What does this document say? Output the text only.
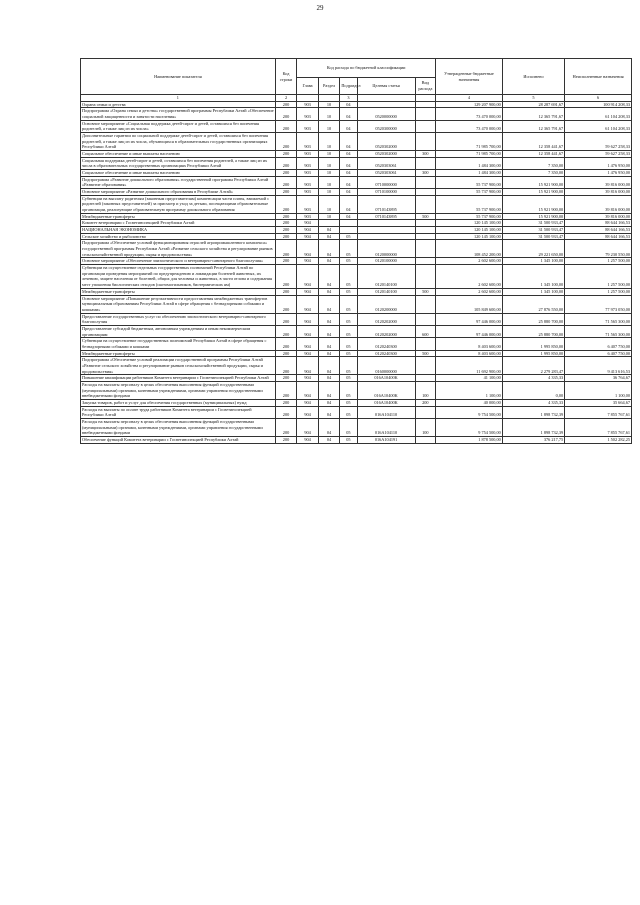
29
Наименование показателя	Код строки	Код расхода по бюджетной классификации					Утвержденные бюджетные назначения	Исполнено	Неисполненные назначения
		Глава	Раздел	Подраздел	Целевая статья	Вид расхода			
1	2			3			4	5	6
Охрана семьи и детства	200	903	10	04			129 207 900,00	28 287 691,67	100 914 208,33
Подпрограмма «Охрана семьи и детства» государственной программы Республики Алтай «Обеспечение социальной защищенности и занятости населения»	200	903	10	04	0520000000		73 470 000,00	12 365 791,67	61 104 208,33
Основное мероприятие «Социальная поддержка детей-сирот и детей, оставшихся без попечения родителей, а также лиц из их числа»	200	903	10	04	0520300000		73 470 000,00	12 365 791,67	61 104 208,33
Дополнительные гарантии по социальной поддержке детей-сирот и детей, оставшихся без попечения родителей, а также лиц из их числа, обучающихся в образовательных государственных организациях Республики Алтай	200	903	10	04	0520302000		71 985 700,00	12 358 441,67	59 627 258,33
Социальное обеспечение и иные выплаты населению	200	903	10	04	0520302000	300	71 985 700,00	12 358 441,67	59 627 258,33
Социальная поддержка детей-сирот и детей, оставшихся без попечения родителей, а также лиц из их числа в образовательных государственных организациях Республики Алтай	200	903	10	04	0520303061		1 484 300,00	7 350,00	1 476 950,00
Социальное обеспечение и иные выплаты населению	200	903	10	04	0520303061	300	1 484 300,00	7 350,00	1 476 950,00
Подпрограмма «Развитие дошкольного образования» государственной программы Республики Алтай «Развитие образования»	200	903	10	04	0710000000		55 737 900,00	15 921 900,00	39 816 000,00
Основное мероприятие «Развитие дошкольного образования в Республике Алтай»	200	903	10	04	0710100000		55 737 900,00	15 921 900,00	39 816 000,00
Субвенции на выплату родителям (законным представителям) компенсации части платы, взимаемой с родителей (законных представителей) за присмотр и уход за детьми, посещающими образовательные организации, реализующие образовательную программу дошкольного образования	200	903	10	04	0710143895		55 737 900,00	15 921 900,00	39 816 000,00
Межбюджетные трансферты	200	903	10	04	0710143895	500	55 737 900,00	15 921 900,00	39 816 000,00
Комитет ветеринарии с Госветинспекцией Республики Алтай	200	904					120 145 100,00	31 500 933,47	88 644 166,53
НАЦИОНАЛЬНАЯ ЭКОНОМИКА	200	904	04				120 145 100,00	31 500 933,47	88 644 166,53
Сельское хозяйство и рыболовство	200	904	04	05			120 145 100,00	31 500 933,47	88 644 166,53
Подпрограмма «Обеспечение условий функционирования отраслей агропромышленного комплекса» государственной программы Республики Алтай «Развитие сельского хозяйства и регулирование рынков сельскохозяйственной продукции, сырья и продовольствия»	200	904	04	05	0120000000		108 452 200,00	29 221 650,00	79 230 550,00
Основное мероприятие «Обеспечение эпизоотического и ветеринарно-санитарного благополучия»	200	904	04	05	0120100000		2 602 600,00	1 345 100,00	1 257 500,00
Субвенции на осуществление отдельных государственных полномочий Республики Алтай по организации проведения мероприятий по предупреждению и ликвидации болезней животных, их лечению, защите населения от болезней, общих для человека и животных, в части отлова и содержания мест упокоения биологических отходов (скотомогильников, биотермических ям)	200	904	04	05	0120140100		2 602 600,00	1 345 100,00	1 257 500,00
Межбюджетные трансферты	200	904	04	05	0120140100	500	2 602 600,00	1 345 100,00	1 257 500,00
Основное мероприятие «Повышение результативности предоставления межбюджетных трансфертов муниципальным образованиям Республики Алтай в сфере обращения с безнадзорными собаками и кошками»	200	904	04	05	0120200000		105 849 600,00	27 876 550,00	77 973 050,00
Предоставление государственных услуг по обеспечению эпизоотического ветеринарно-санитарного благополучия	200	904	04	05	0120202000		97 446 000,00	25 880 700,00	71 565 300,00
Предоставление субсидий бюджетным, автономным учреждениям и иным некоммерческим организациям	200	904	04	05	0120202000	600	97 446 000,00	25 880 700,00	71 565 300,00
Субвенции на осуществление государственных полномочий Республики Алтай в сфере обращения с безнадзорными собаками и кошками	200	904	04	05	0120240300		8 403 600,00	1 995 850,00	6 407 750,00
Межбюджетные трансферты	200	904	04	05	0120240300	500	8 403 600,00	1 995 850,00	6 407 750,00
Подпрограмма «Обеспечение условий реализации государственной программы Республики Алтай «Развитие сельского хозяйства и регулирование рынков сельскохозяйственной продукции, сырья и продовольствия»	200	904	04	05	0160000000		11 692 900,00	2 279 283,47	9 413 616,53
Повышение квалификации работников Комитета ветеринарии с Госветинспекцией Республики Алтай	200	904	04	05	016A10400K		41 100,00	4 335,33	36 764,67
Расходы на выплаты персоналу в целях обеспечения выполнения функций государственными (муниципальными) органами, казенными учреждениями, органами управления государственными внебюджетными фондами	200	904	04	05	016A10400K	100	1 100,00	0,00	1 100,00
Закупка товаров, работ и услуг для обеспечения государственных (муниципальных) нужд	200	904	04	05	016A10400K	200	40 000,00	4 335,33	35 664,67
Расходы на выплаты по оплате труда работников Комитета ветеринарии с Госветинспекцией Республики Алтай	200	904	04	05	016A104110		9 754 500,00	1 898 732,39	7 855 767,61
Расходы на выплаты персоналу в целях обеспечения выполнения функций государственными (муниципальными) органами, казенными учреждениями, органами управления государственными внебюджетными фондами	200	904	04	05	016A104110	100	9 754 500,00	1 898 732,39	7 855 767,61
Обеспечение функций Комитета ветеринарии с Госветинспекцией Республики Алтай	200	904	04	05	016A104191		1 878 500,00	376 217,75	1 502 282,25
